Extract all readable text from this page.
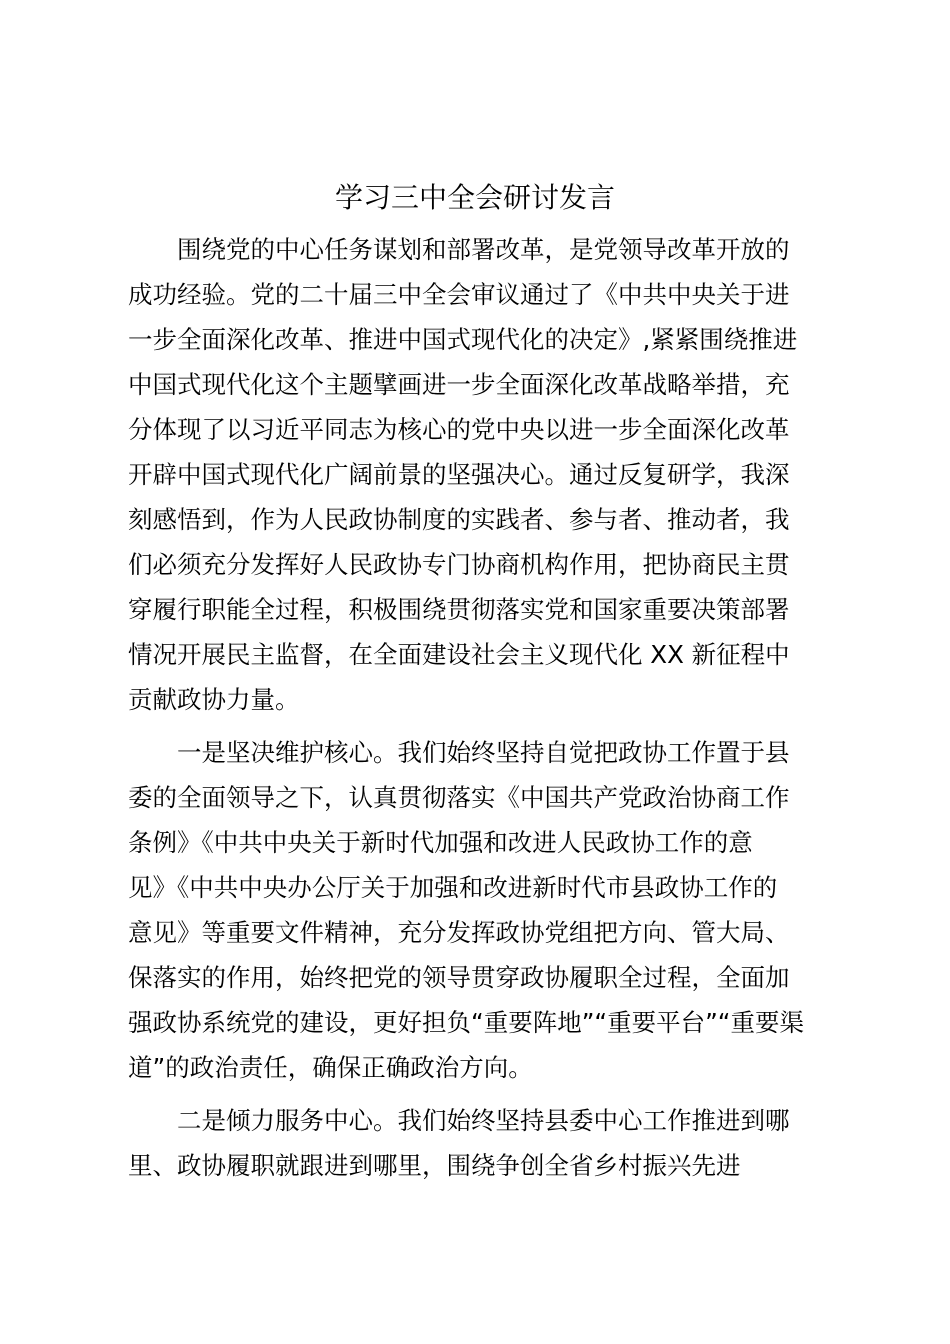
学习三中全会研讨发言
围绕党的中心任务谋划和部署改革，是党领导改革开放的
成功经验。党的二十届三中全会审议通过了《中共中央关于进
一步全面深化改革、推进中国式现代化的决定》,紧紧围绕推进
中国式现代化这个主题擘画进一步全面深化改革战略举措，充
分体现了以习近平同志为核心的党中央以进一步全面深化改革
开辟中国式现代化广阔前景的坚强决心。通过反复研学，我深
刻感悟到，作为人民政协制度的实践者、参与者、推动者，我
们必须充分发挥好人民政协专门协商机构作用，把协商民主贯
穿履行职能全过程，积极围绕贯彻落实党和国家重要决策部署
情况开展民主监督，在全面建设社会主义现代化 XX 新征程中
贡献政协力量。
一是坚决维护核心。我们始终坚持自觉把政协工作置于县
委的全面领导之下，认真贯彻落实《中国共产党政治协商工作
条例》《中共中央关于新时代加强和改进人民政协工作的意
见》《中共中央办公厅关于加强和改进新时代市县政协工作的
意见》等重要文件精神，充分发挥政协党组把方向、管大局、
保落实的作用，始终把党的领导贯穿政协履职全过程，全面加
强政协系统党的建设，更好担负“重要阵地”“重要平台”“重要渠
道”的政治责任，确保正确政治方向。
二是倾力服务中心。我们始终坚持县委中心工作推进到哪
里、政协履职就跟进到哪里，围绕争创全省乡村振兴先进
